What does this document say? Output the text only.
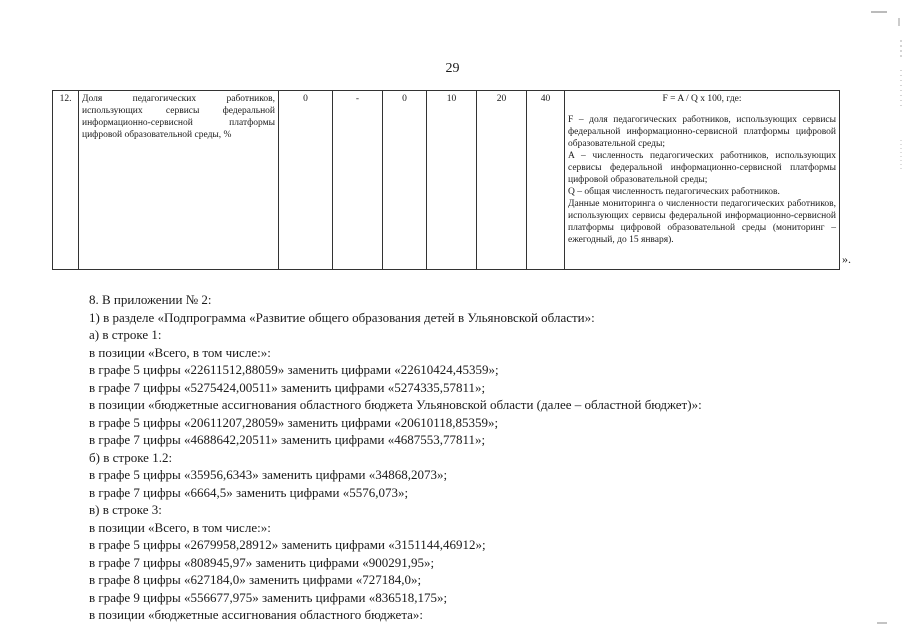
29
12.	Доля педагогических работников, использующих сервисы федеральной информационно-сервисной платформы цифровой образовательной среды, %	0	-	0	10	20	40	F = A / Q x 100, где:
F – доля педагогических работников, использующих сервисы федеральной информационно-сервисной платформы цифровой образовательной среды;
A – численность педагогических работников, использующих сервисы федеральной информационно-сервисной платформы цифровой образовательной среды;
Q – общая численность педагогических работников.
Данные мониторинга о численности педагогических работников, использующих сервисы федеральной информационно-сервисной платформы цифровой образовательной среды (мониторинг – ежегодный, до 15 января).
».
8. В приложении № 2:
1) в разделе «Подпрограмма «Развитие общего образования детей в Ульяновской области»:
а) в строке 1:
в позиции «Всего, в том числе:»:
в графе 5 цифры «22611512,88059» заменить цифрами «22610424,45359»;
в графе 7 цифры «5275424,00511» заменить цифрами «5274335,57811»;
в позиции «бюджетные ассигнования областного бюджета Ульяновской области (далее – областной бюджет)»:
в графе 5 цифры «20611207,28059» заменить цифрами «20610118,85359»;
в графе 7 цифры «4688642,20511» заменить цифрами «4687553,77811»;
б) в строке 1.2:
в графе 5 цифры «35956,6343» заменить цифрами «34868,2073»;
в графе 7 цифры «6664,5» заменить цифрами «5576,073»;
в) в строке 3:
в позиции «Всего, в том числе:»:
в графе 5 цифры «2679958,28912» заменить цифрами «3151144,46912»;
в графе 7 цифры «808945,97» заменить цифрами «900291,95»;
в графе 8 цифры «627184,0» заменить цифрами «727184,0»;
в графе 9 цифры «556677,975» заменить цифрами «836518,175»;
в позиции «бюджетные ассигнования областного бюджета»:
